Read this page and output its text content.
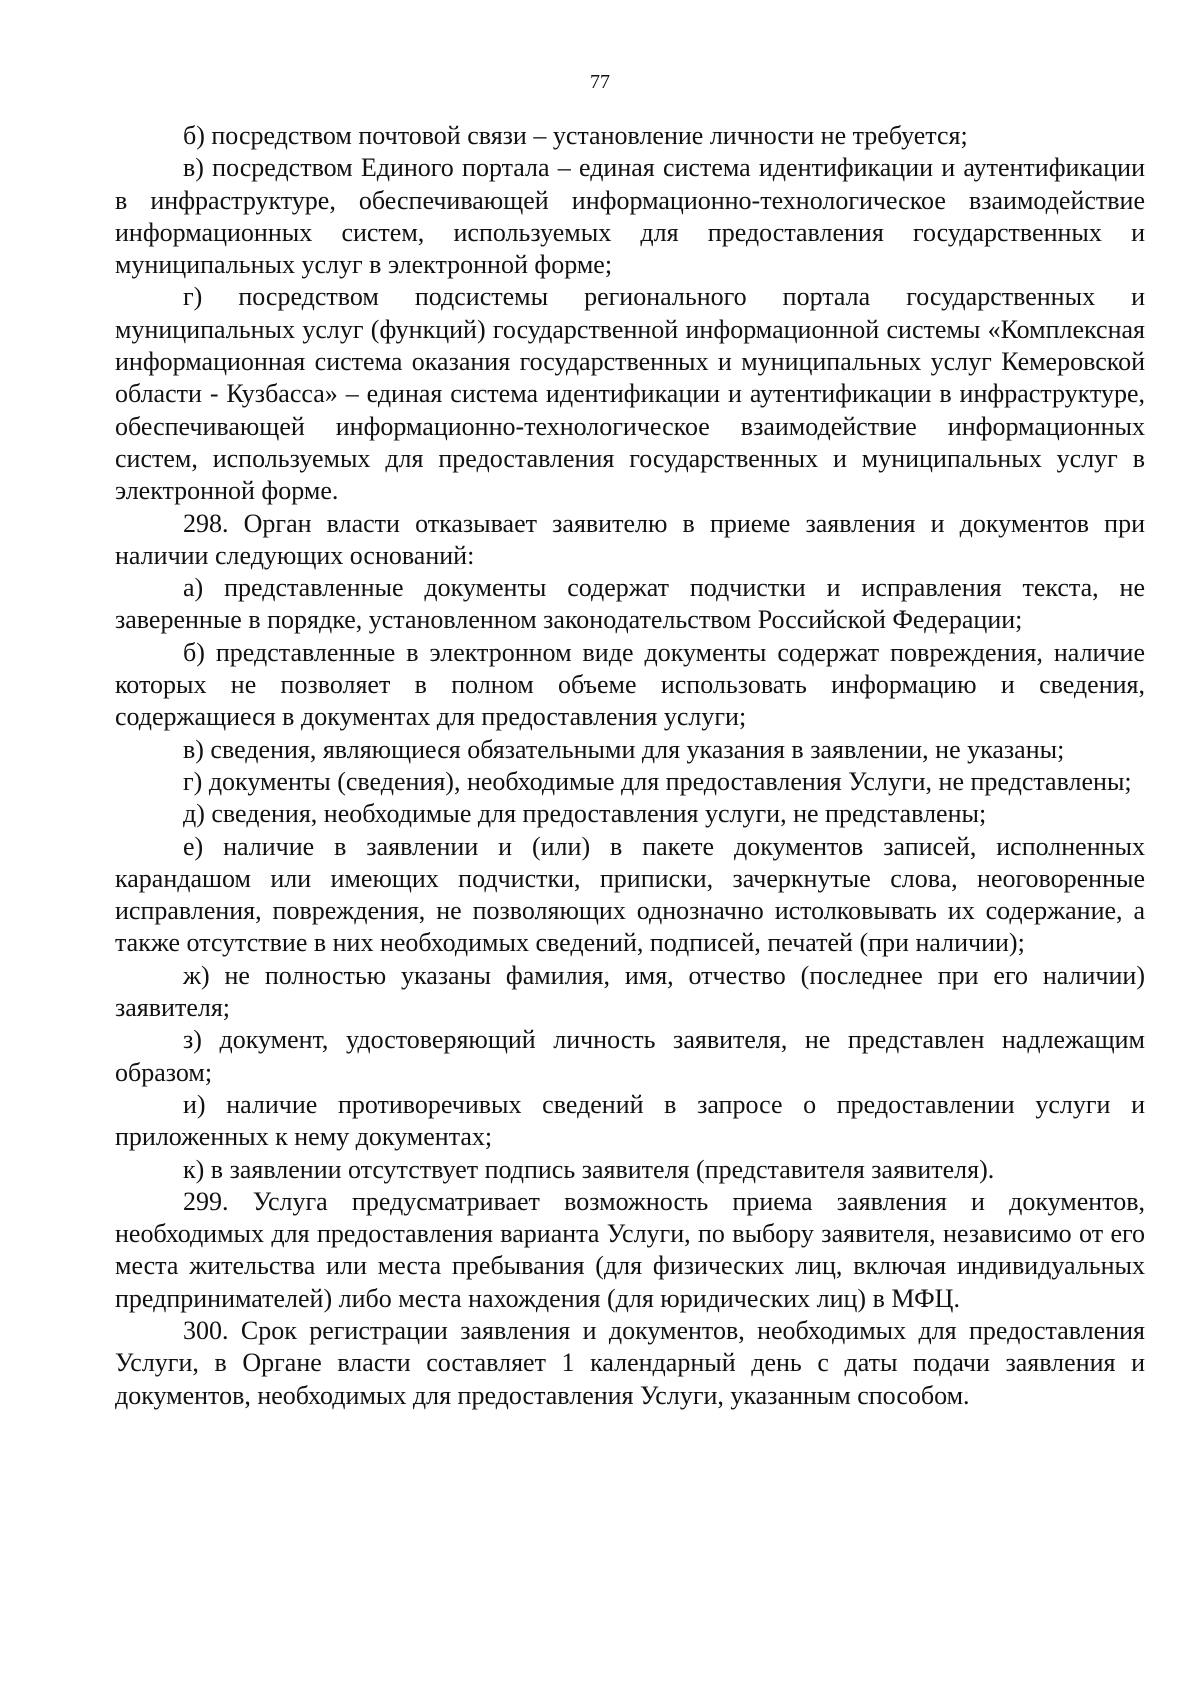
77

б) посредством почтовой связи – установление личности не требуется;

в) посредством Единого портала – единая система идентификации и аутентификации в инфраструктуре, обеспечивающей информационно-технологическое взаимодействие информационных систем, используемых для предоставления государственных и муниципальных услуг в электронной форме;

г) посредством подсистемы регионального портала государственных и муниципальных услуг (функций) государственной информационной системы «Комплексная информационная система оказания государственных и муниципальных услуг Кемеровской области - Кузбасса» – единая система идентификации и аутентификации в инфраструктуре, обеспечивающей информационно-технологическое взаимодействие информационных систем, используемых для предоставления государственных и муниципальных услуг в электронной форме.

298. Орган власти отказывает заявителю в приеме заявления и документов при наличии следующих оснований:

а) представленные документы содержат подчистки и исправления текста, не заверенные в порядке, установленном законодательством Российской Федерации;

б) представленные в электронном виде документы содержат повреждения, наличие которых не позволяет в полном объеме использовать информацию и сведения, содержащиеся в документах для предоставления услуги;

в) сведения, являющиеся обязательными для указания в заявлении, не указаны;

г) документы (сведения), необходимые для предоставления Услуги, не представлены;

д) сведения, необходимые для предоставления услуги, не представлены;

е) наличие в заявлении и (или) в пакете документов записей, исполненных карандашом или имеющих подчистки, приписки, зачеркнутые слова, неоговоренные исправления, повреждения, не позволяющих однозначно истолковывать их содержание, а также отсутствие в них необходимых сведений, подписей, печатей (при наличии);

ж) не полностью указаны фамилия, имя, отчество (последнее при его наличии) заявителя;

з) документ, удостоверяющий личность заявителя, не представлен надлежащим образом;

и) наличие противоречивых сведений в запросе о предоставлении услуги и приложенных к нему документах;

к) в заявлении отсутствует подпись заявителя (представителя заявителя).

299. Услуга предусматривает возможность приема заявления и документов, необходимых для предоставления варианта Услуги, по выбору заявителя, независимо от его места жительства или места пребывания (для физических лиц, включая индивидуальных предпринимателей) либо места нахождения (для юридических лиц) в МФЦ.

300. Срок регистрации заявления и документов, необходимых для предоставления Услуги, в Органе власти составляет 1 календарный день с даты подачи заявления и документов, необходимых для предоставления Услуги, указанным способом.
